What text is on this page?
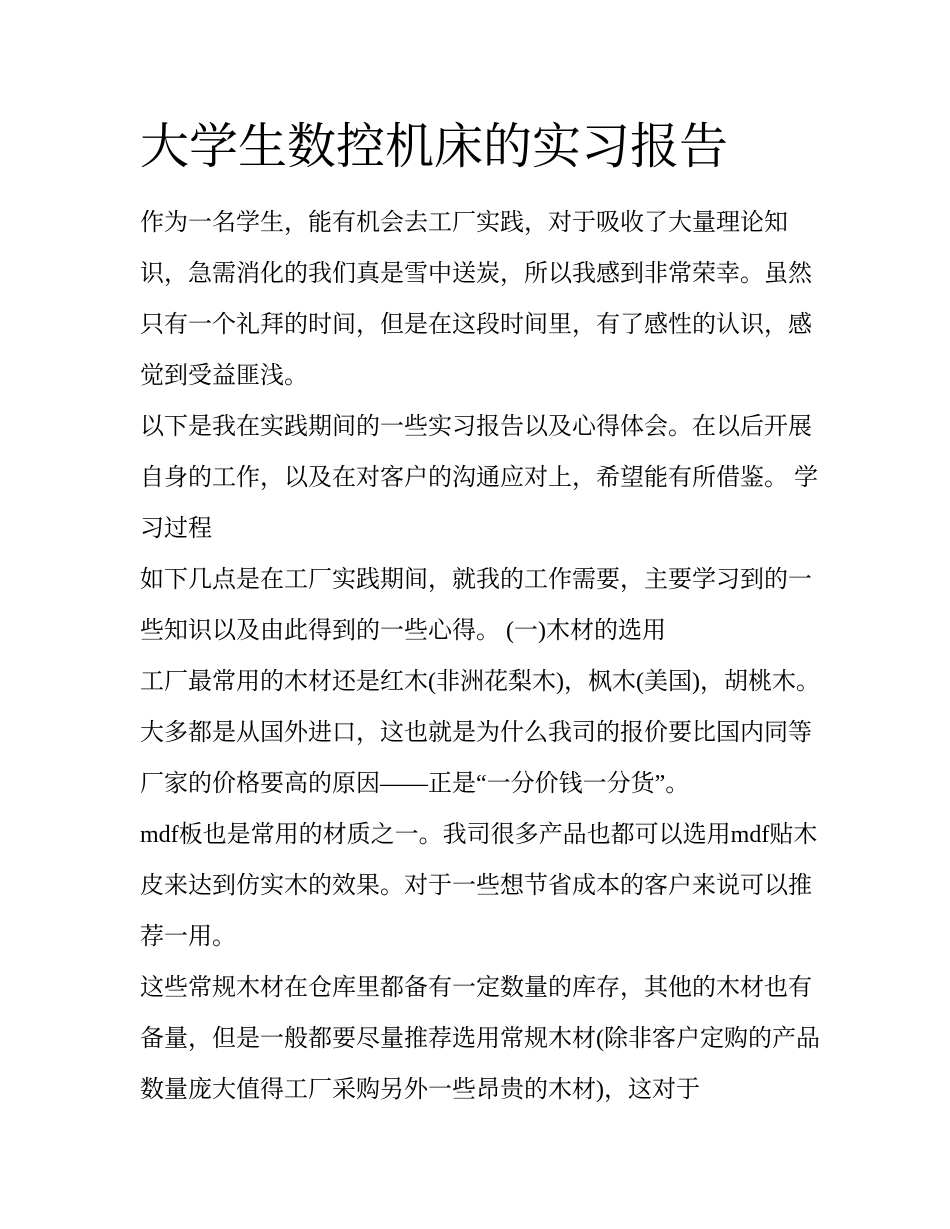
大学生数控机床的实习报告

作为一名学生，能有机会去工厂实践，对于吸收了大量理论知识，急需消化的我们真是雪中送炭，所以我感到非常荣幸。虽然只有一个礼拜的时间，但是在这段时间里，有了感性的认识，感觉到受益匪浅。

以下是我在实践期间的一些实习报告以及心得体会。在以后开展自身的工作，以及在对客户的沟通应对上，希望能有所借鉴。 学习过程

如下几点是在工厂实践期间，就我的工作需要，主要学习到的一些知识以及由此得到的一些心得。 (一)木材的选用

工厂最常用的木材还是红木(非洲花梨木)，枫木(美国)，胡桃木。大多都是从国外进口，这也就是为什么我司的报价要比国内同等厂家的价格要高的原因——正是“一分价钱一分货”。

mdf板也是常用的材质之一。我司很多产品也都可以选用mdf贴木皮来达到仿实木的效果。对于一些想节省成本的客户来说可以推荐一用。

这些常规木材在仓库里都备有一定数量的库存，其他的木材也有备量，但是一般都要尽量推荐选用常规木材(除非客户定购的产品数量庞大值得工厂采购另外一些昂贵的木材)，这对于
